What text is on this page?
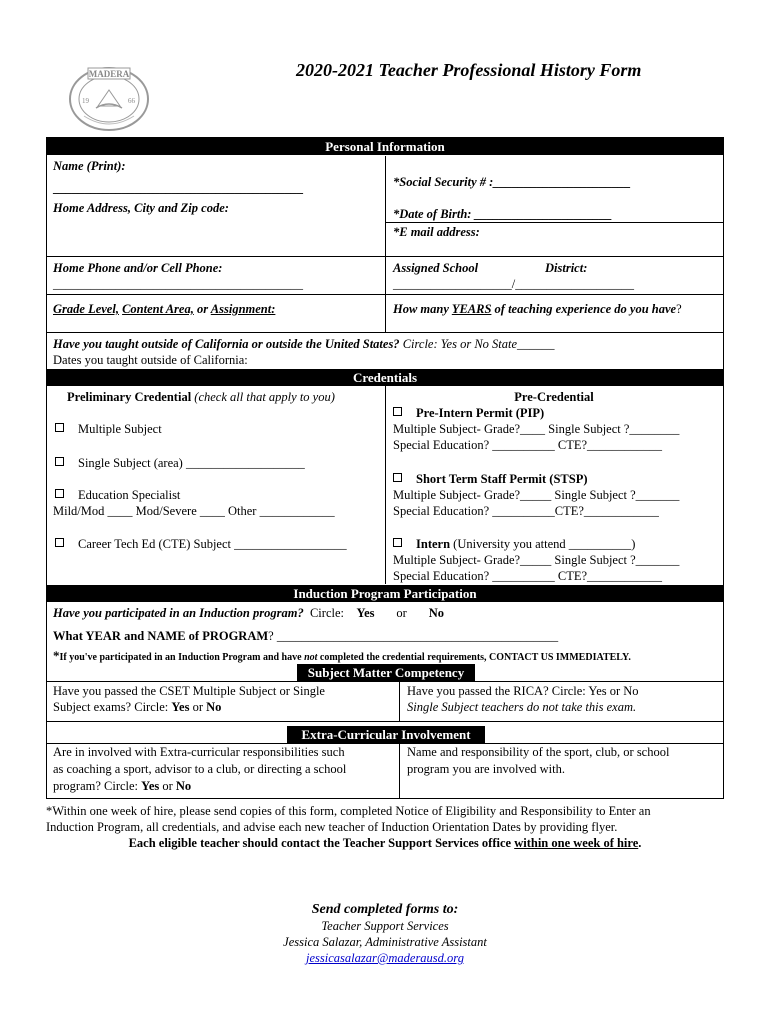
MADERA
19	66
2020-2021 Teacher Professional History Form
Personal Information
Name (Print):
________________________________________
Home Address, City and Zip code:
*Social Security # :______________________
*Date of Birth: ______________________
*E mail address:
Home Phone and/or Cell Phone:
________________________________________
Assigned School	District:
___________________/___________________
Grade Level, Content Area, or Assignment:	How many YEARS of teaching experience do you have?
Have you taught outside of California or outside the United States? Circle: Yes or No State______
Dates you taught outside of California:
Credentials
Preliminary Credential (check all that apply to you)
Multiple Subject
Single Subject (area) ___________________
Education Specialist
Mild/Mod ____ Mod/Severe ____ Other ____________
Career Tech Ed (CTE) Subject __________________
Pre-Credential
Pre-Intern Permit (PIP)
Multiple Subject- Grade?____ Single Subject ?________
Special Education? __________ CTE?____________
Short Term Staff Permit (STSP)
Multiple Subject- Grade?_____ Single Subject ?_______
Special Education? __________CTE?____________
Intern (University you attend __________)
Multiple Subject- Grade?_____ Single Subject ?_______
Special Education? __________ CTE?____________
Induction Program Participation
Have you participated in an Induction program? Circle: Yes or No
What YEAR and NAME of PROGRAM? _____________________________________________
*If you've participated in an Induction Program and have not completed the credential requirements, CONTACT US IMMEDIATELY.
Subject Matter Competency
Have you passed the CSET Multiple Subject or Single
Subject exams? Circle: Yes or No
Have you passed the RICA? Circle: Yes or No
Single Subject teachers do not take this exam.
Extra-Curricular Involvement
Are in involved with Extra-curricular responsibilities such
as coaching a sport, advisor to a club, or directing a school
program? Circle: Yes or No
Name and responsibility of the sport, club, or school
program you are involved with.
*Within one week of hire, please send copies of this form, completed Notice of Eligibility and Responsibility to Enter an
Induction Program, all credentials, and advise each new teacher of Induction Orientation Dates by providing flyer.
Each eligible teacher should contact the Teacher Support Services office within one week of hire.
Send completed forms to:
Teacher Support Services
Jessica Salazar, Administrative Assistant
jessicasalazar@maderausd.org
